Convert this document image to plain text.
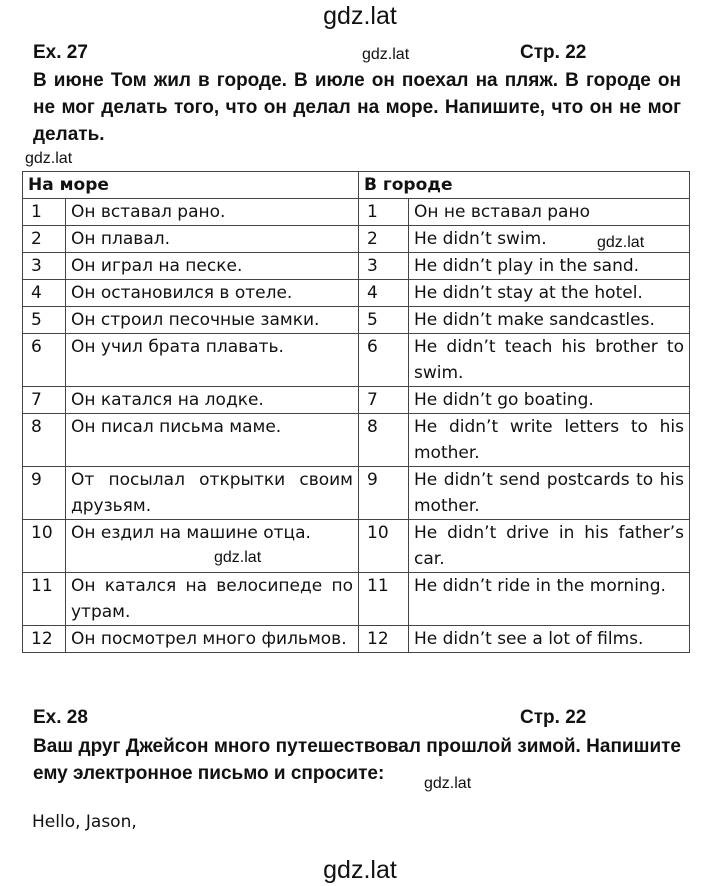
gdz.lat
Ex. 27	gdz.lat	Стр. 22
В июне Том жил в городе. В июле он поехал на пляж. В городе он не мог делать того, что он делал на море. Напишите, что он не мог делать.
gdz.lat
На море		В городе	
1	Он вставал рано.	1	Он не вставал рано
2	Он плавал.	2	He didn’t swim.
3	Он играл на песке.	3	He didn’t play in the sand.
4	Он остановился в отеле.	4	He didn’t stay at the hotel.
5	Он строил песочные замки.	5	He didn’t make sandcastles.
6	Он учил брата плавать.	6	He didn’t teach his brother to swim.
7	Он катался на лодке.	7	He didn’t go boating.
8	Он писал письма маме.	8	He didn’t write letters to his mother.
9	От посылал открытки своим друзьям.	9	He didn’t send postcards to his mother.
10	Он ездил на машине отца.	10	He didn’t drive in his father’s car.
11	Он катался на велосипеде по утрам.	11	He didn’t ride in the morning.
12	Он посмотрел много фильмов.	12	He didn’t see a lot of films.
gdz.lat
gdz.lat
Ex. 28	Стр. 22
Ваш друг Джейсон много путешествовал прошлой зимой. Напишите ему электронное письмо и спросите:	gdz.lat
Hello, Jason,
gdz.lat
